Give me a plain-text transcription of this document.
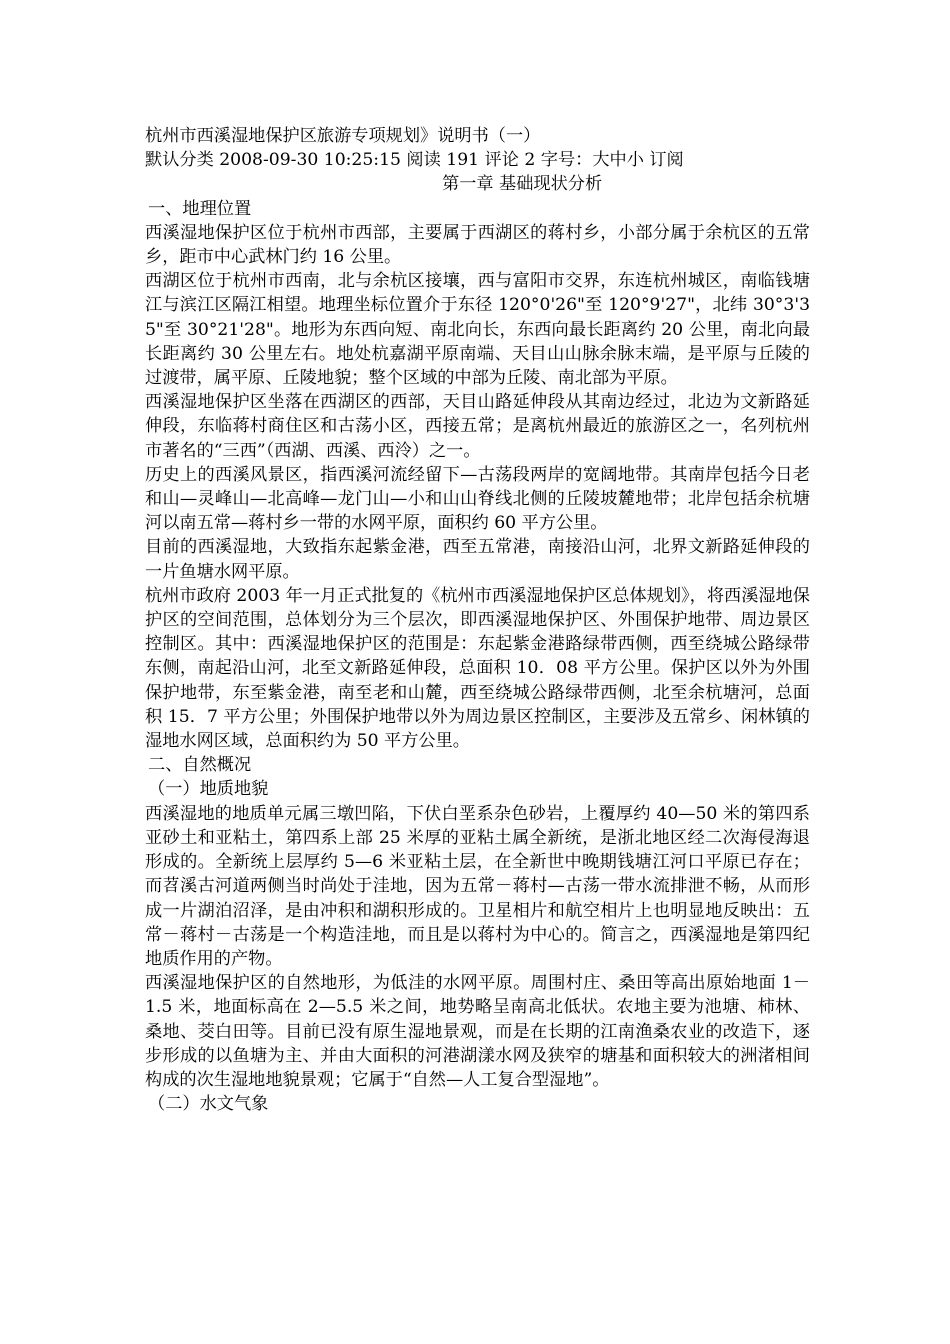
杭州市西溪湿地保护区旅游专项规划》说明书（一）
默认分类 2008-09-30 10:25:15 阅读 191 评论 2 字号：大中小 订阅
第一章 基础现状分析
一、地理位置
西溪湿地保护区位于杭州市西部，主要属于西湖区的蒋村乡，小部分属于余杭区的五常乡，距市中心武林门约 16 公里。
西湖区位于杭州市西南，北与余杭区接壤，西与富阳市交界，东连杭州城区，南临钱塘江与滨江区隔江相望。地理坐标位置介于东径 120°0'26"至 120°9'27"，北纬 30°3'35"至 30°21'28"。地形为东西向短、南北向长，东西向最长距离约 20 公里，南北向最长距离约 30 公里左右。地处杭嘉湖平原南端、天目山山脉余脉末端，是平原与丘陵的过渡带，属平原、丘陵地貌；整个区域的中部为丘陵、南北部为平原。
西溪湿地保护区坐落在西湖区的西部，天目山路延伸段从其南边经过，北边为文新路延伸段，东临蒋村商住区和古荡小区，西接五常；是离杭州最近的旅游区之一，名列杭州市著名的“三西”（西湖、西溪、西泠）之一。
历史上的西溪风景区，指西溪河流经留下—古荡段两岸的宽阔地带。其南岸包括今日老和山—灵峰山—北高峰—龙门山—小和山山脊线北侧的丘陵坡麓地带；北岸包括余杭塘河以南五常—蒋村乡一带的水网平原，面积约 60 平方公里。
目前的西溪湿地，大致指东起紫金港，西至五常港，南接沿山河，北界文新路延伸段的一片鱼塘水网平原。
杭州市政府 2003 年一月正式批复的《杭州市西溪湿地保护区总体规划》，将西溪湿地保护区的空间范围，总体划分为三个层次，即西溪湿地保护区、外围保护地带、周边景区控制区。其中：西溪湿地保护区的范围是：东起紫金港路绿带西侧，西至绕城公路绿带东侧，南起沿山河，北至文新路延伸段，总面积 10．08 平方公里。保护区以外为外围保护地带，东至紫金港，南至老和山麓，西至绕城公路绿带西侧，北至余杭塘河，总面积 15．7 平方公里；外围保护地带以外为周边景区控制区，主要涉及五常乡、闲林镇的湿地水网区域，总面积约为 50 平方公里。
二、自然概况
（一）地质地貌
西溪湿地的地质单元属三墩凹陷，下伏白垩系杂色砂岩，上覆厚约 40—50 米的第四系亚砂土和亚粘土，第四系上部 25 米厚的亚粘土属全新统，是浙北地区经二次海侵海退形成的。全新统上层厚约 5—6 米亚粘土层，在全新世中晚期钱塘江河口平原已存在；而苕溪古河道两侧当时尚处于洼地，因为五常－蒋村—古荡一带水流排泄不畅，从而形成一片湖泊沼泽，是由冲积和湖积形成的。卫星相片和航空相片上也明显地反映出：五常－蒋村－古荡是一个构造洼地，而且是以蒋村为中心的。简言之，西溪湿地是第四纪地质作用的产物。
西溪湿地保护区的自然地形，为低洼的水网平原。周围村庄、桑田等高出原始地面 1－1.5 米，地面标高在 2—5.5 米之间，地势略呈南高北低状。农地主要为池塘、柿林、桑地、茭白田等。目前已没有原生湿地景观，而是在长期的江南渔桑农业的改造下，逐步形成的以鱼塘为主、并由大面积的河港湖漾水网及狭窄的塘基和面积较大的洲渚相间构成的次生湿地地貌景观；它属于“自然—人工复合型湿地”。
（二）水文气象
